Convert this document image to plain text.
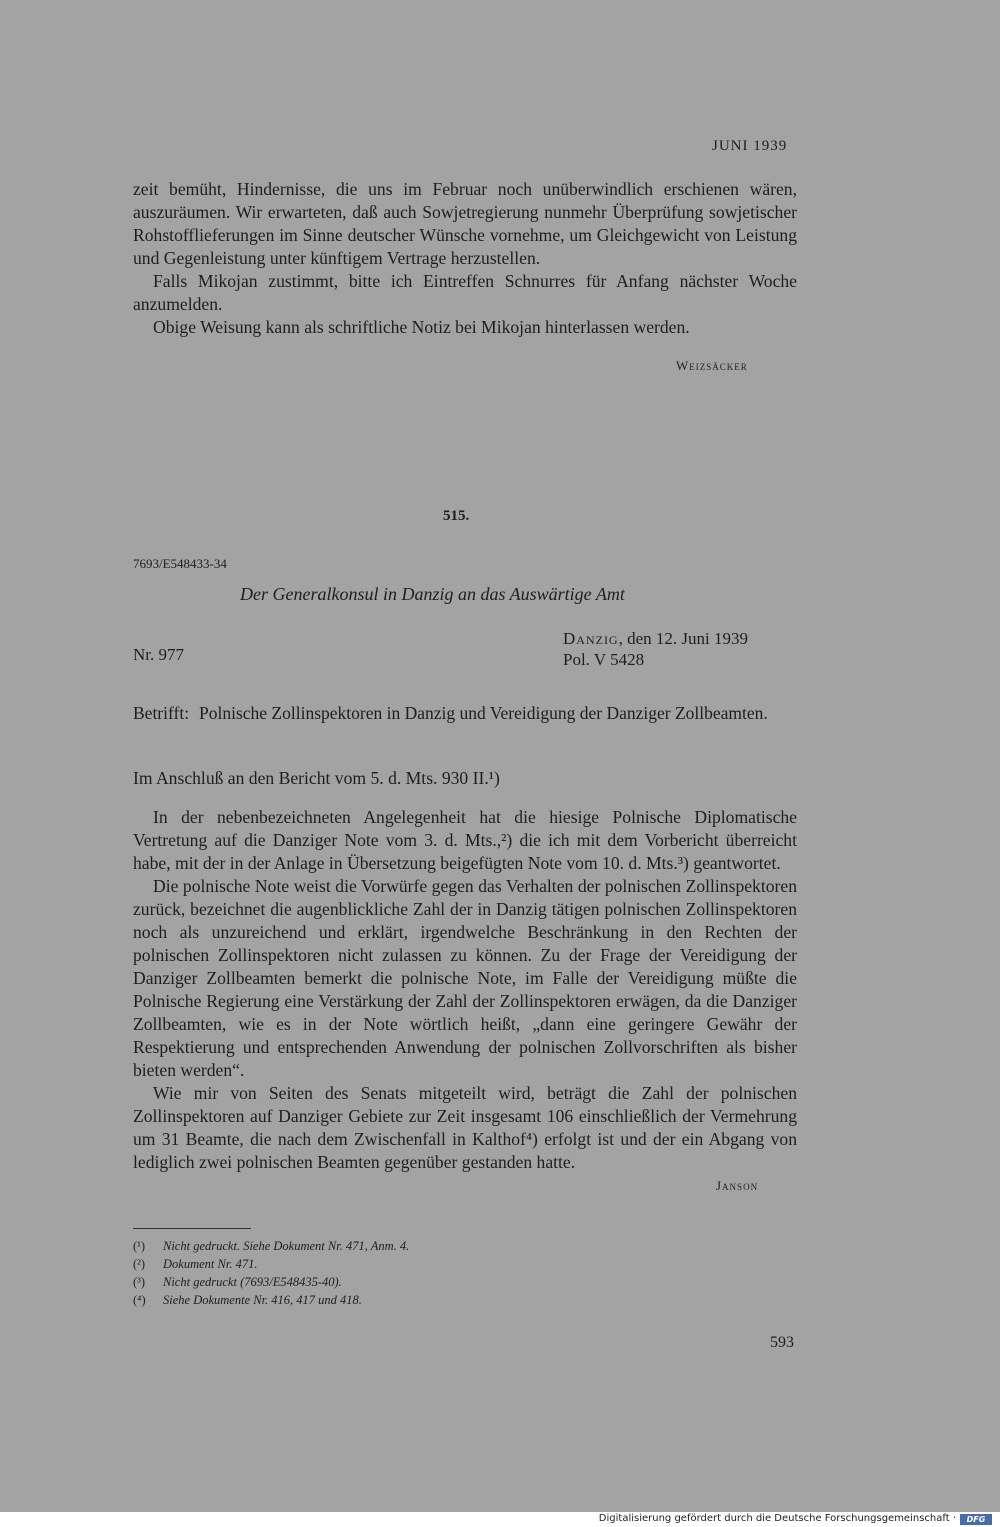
JUNI 1939

zeit bemüht, Hindernisse, die uns im Februar noch unüberwindlich erschienen wären, auszuräumen. Wir erwarteten, daß auch Sowjetregierung nunmehr Überprüfung sowjetischer Rohstofflieferungen im Sinne deutscher Wünsche vornehme, um Gleichgewicht von Leistung und Gegenleistung unter künftigem Vertrage herzustellen.

Falls Mikojan zustimmt, bitte ich Eintreffen Schnurres für Anfang nächster Woche anzumelden.

Obige Weisung kann als schriftliche Notiz bei Mikojan hinterlassen werden.

Weizsäcker
515.
7693/E548433-34
Der Generalkonsul in Danzig an das Auswärtige Amt
Nr. 977
Danzig, den 12. Juni 1939
Pol. V 5428
Betrifft: Polnische Zollinspektoren in Danzig und Vereidigung der Danziger Zollbeamten.
Im Anschluß an den Bericht vom 5. d. Mts. 930 II.¹)

In der nebenbezeichneten Angelegenheit hat die hiesige Polnische Diplomatische Vertretung auf die Danziger Note vom 3. d. Mts.,²) die ich mit dem Vorbericht überreicht habe, mit der in der Anlage in Übersetzung beigefügten Note vom 10. d. Mts.³) geantwortet.

Die polnische Note weist die Vorwürfe gegen das Verhalten der polnischen Zollinspektoren zurück, bezeichnet die augenblickliche Zahl der in Danzig tätigen polnischen Zollinspektoren noch als unzureichend und erklärt, irgendwelche Beschränkung in den Rechten der polnischen Zollinspektoren nicht zulassen zu können. Zu der Frage der Vereidigung der Danziger Zollbeamten bemerkt die polnische Note, im Falle der Vereidigung müßte die Polnische Regierung eine Verstärkung der Zahl der Zollinspektoren erwägen, da die Danziger Zollbeamten, wie es in der Note wörtlich heißt, „dann eine geringere Gewähr der Respektierung und entsprechenden Anwendung der polnischen Zollvorschriften als bisher bieten werden“.

Wie mir von Seiten des Senats mitgeteilt wird, beträgt die Zahl der polnischen Zollinspektoren auf Danziger Gebiete zur Zeit insgesamt 106 einschließlich der Vermehrung um 31 Beamte, die nach dem Zwischenfall in Kalthof⁴) erfolgt ist und der ein Abgang von lediglich zwei polnischen Beamten gegenüber gestanden hatte.

Janson
(¹) Nicht gedruckt. Siehe Dokument Nr. 471, Anm. 4.
(²) Dokument Nr. 471.
(³) Nicht gedruckt (7693/E548435-40).
(⁴) Siehe Dokumente Nr. 416, 417 und 418.
593
Digitalisierung gefördert durch die Deutsche Forschungsgemeinschaft ·	DFG
